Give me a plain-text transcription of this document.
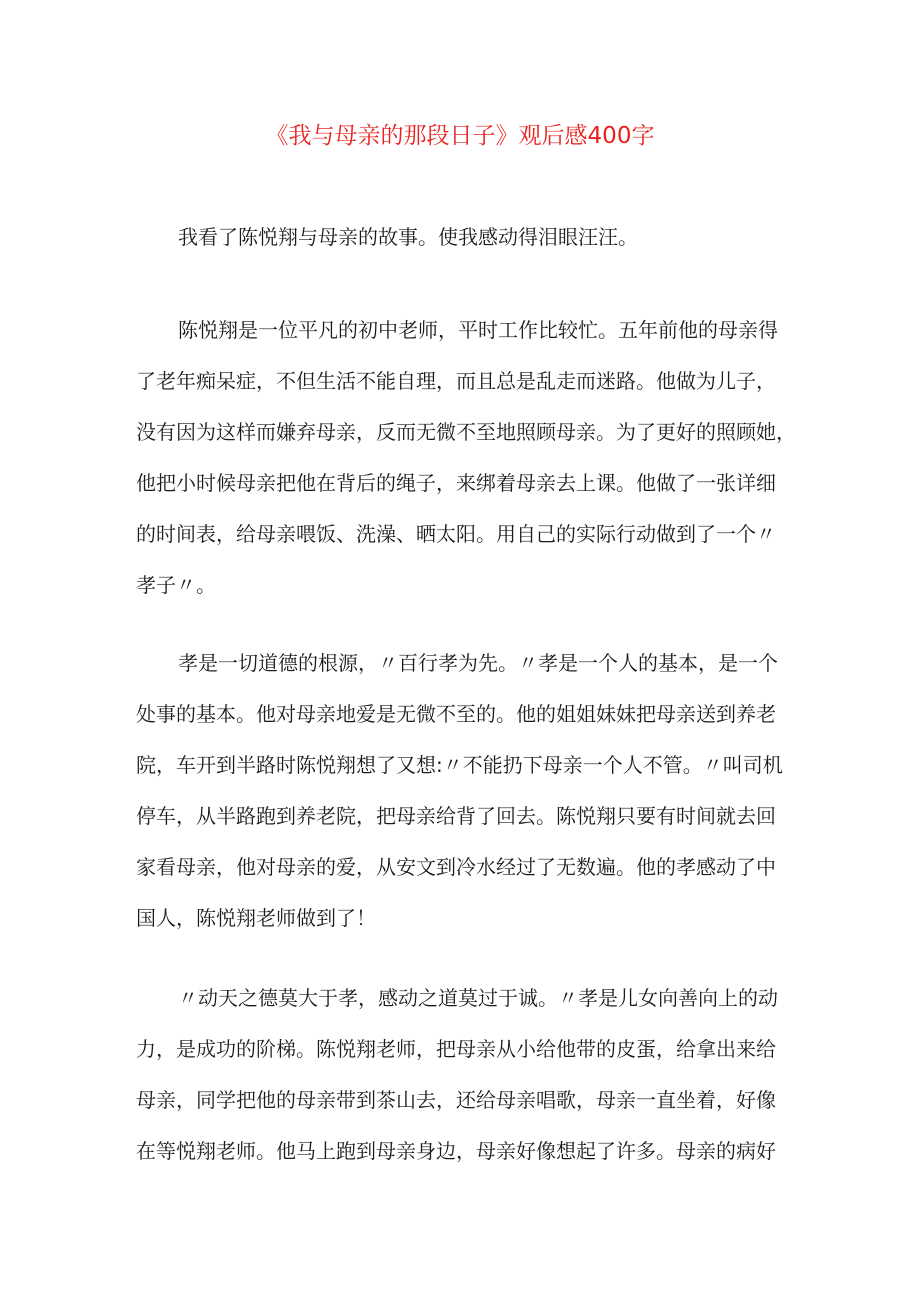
《我与母亲的那段日子》观后感400字
我看了陈悦翔与母亲的故事。使我感动得泪眼汪汪。
陈悦翔是一位平凡的初中老师，平时工作比较忙。五年前他的母亲得
了老年痴呆症，不但生活不能自理，而且总是乱走而迷路。他做为儿子，
没有因为这样而嫌弃母亲，反而无微不至地照顾母亲。为了更好的照顾她，
他把小时候母亲把他在背后的绳子，来绑着母亲去上课。他做了一张详细
的时间表，给母亲喂饭、洗澡、晒太阳。用自己的实际行动做到了一个〃
孝子〃。
孝是一切道德的根源，〃百行孝为先。〃孝是一个人的基本，是一个
处事的基本。他对母亲地爱是无微不至的。他的姐姐妹妹把母亲送到养老
院，车开到半路时陈悦翔想了又想:〃不能扔下母亲一个人不管。〃叫司机
停车，从半路跑到养老院，把母亲给背了回去。陈悦翔只要有时间就去回
家看母亲，他对母亲的爱，从安文到冷水经过了无数遍。他的孝感动了中
国人，陈悦翔老师做到了！
〃动天之德莫大于孝，感动之道莫过于诚。〃孝是儿女向善向上的动
力，是成功的阶梯。陈悦翔老师，把母亲从小给他带的皮蛋，给拿出来给
母亲，同学把他的母亲带到茶山去，还给母亲唱歌，母亲一直坐着，好像
在等悦翔老师。他马上跑到母亲身边，母亲好像想起了许多。母亲的病好
